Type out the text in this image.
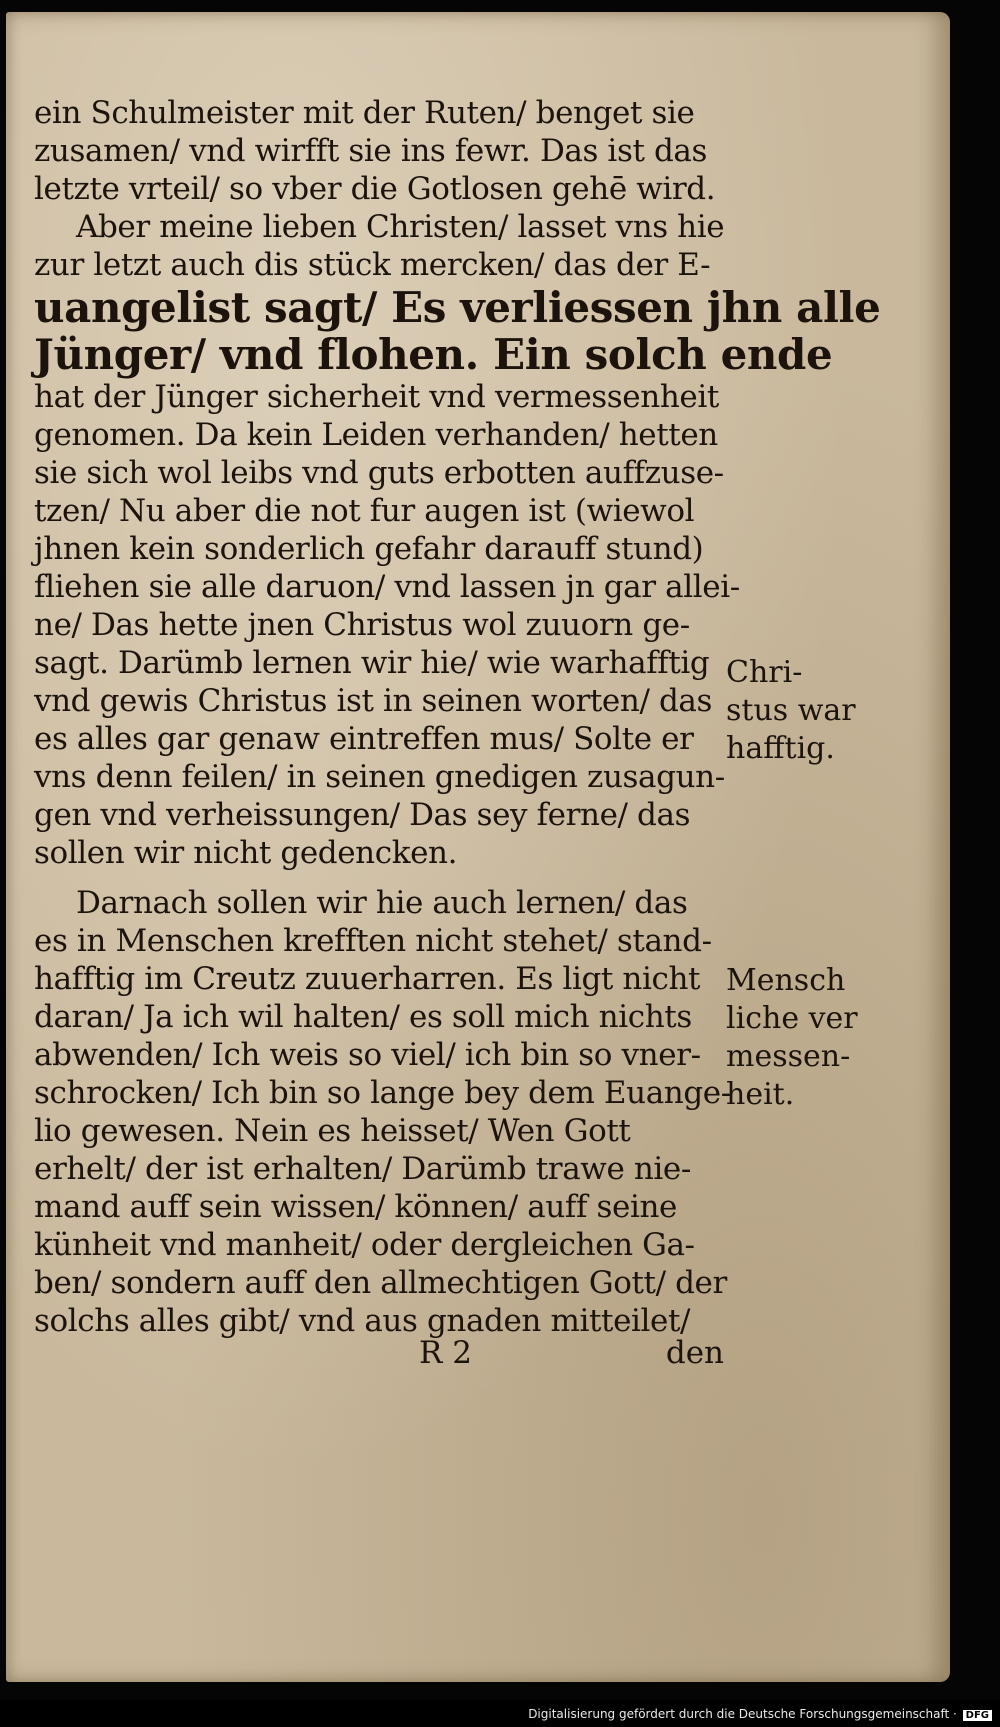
ein Schulmeister mit der Ruten/ benget sie
zusamen/ vnd wirfft sie ins fewr. Das ist das
letzte vrteil/ so vber die Gotlosen gehē wird.
Aber meine lieben Christen/ lasset vns hie
zur letzt auch dis stück mercken/ das der E-
uangelist sagt/ Es verliessen jhn alle
Jünger/ vnd flohen. Ein solch ende
hat der Jünger sicherheit vnd vermessenheit
genomen. Da kein Leiden verhanden/ hetten
sie sich wol leibs vnd guts erbotten auffzuse-
tzen/ Nu aber die not fur augen ist (wiewol
jhnen kein sonderlich gefahr darauff stund)
fliehen sie alle daruon/ vnd lassen jn gar allei-
ne/ Das hette jnen Christus wol zuuorn ge-
sagt. Darümb lernen wir hie/ wie warhafftig
vnd gewis Christus ist in seinen worten/ das
es alles gar genaw eintreffen mus/ Solte er
vns denn feilen/ in seinen gnedigen zusagun-
gen vnd verheissungen/ Das sey ferne/ das
sollen wir nicht gedencken.
Darnach sollen wir hie auch lernen/ das
es in Menschen krefften nicht stehet/ stand-
hafftig im Creutz zuuerharren. Es ligt nicht
daran/ Ja ich wil halten/ es soll mich nichts
abwenden/ Ich weis so viel/ ich bin so vner-
schrocken/ Ich bin so lange bey dem Euange-
lio gewesen. Nein es heisset/ Wen Gott
erhelt/ der ist erhalten/ Darümb trawe nie-
mand auff sein wissen/ können/ auff seine
künheit vnd manheit/ oder dergleichen Ga-
ben/ sondern auff den allmechtigen Gott/ der
solchs alles gibt/ vnd aus gnaden mitteilet/
R 2	den
Chri-
stus war
hafftig.
Mensch
liche ver
messen-
heit.
Digitalisierung gefördert durch die Deutsche Forschungsgemeinschaft · DFG
